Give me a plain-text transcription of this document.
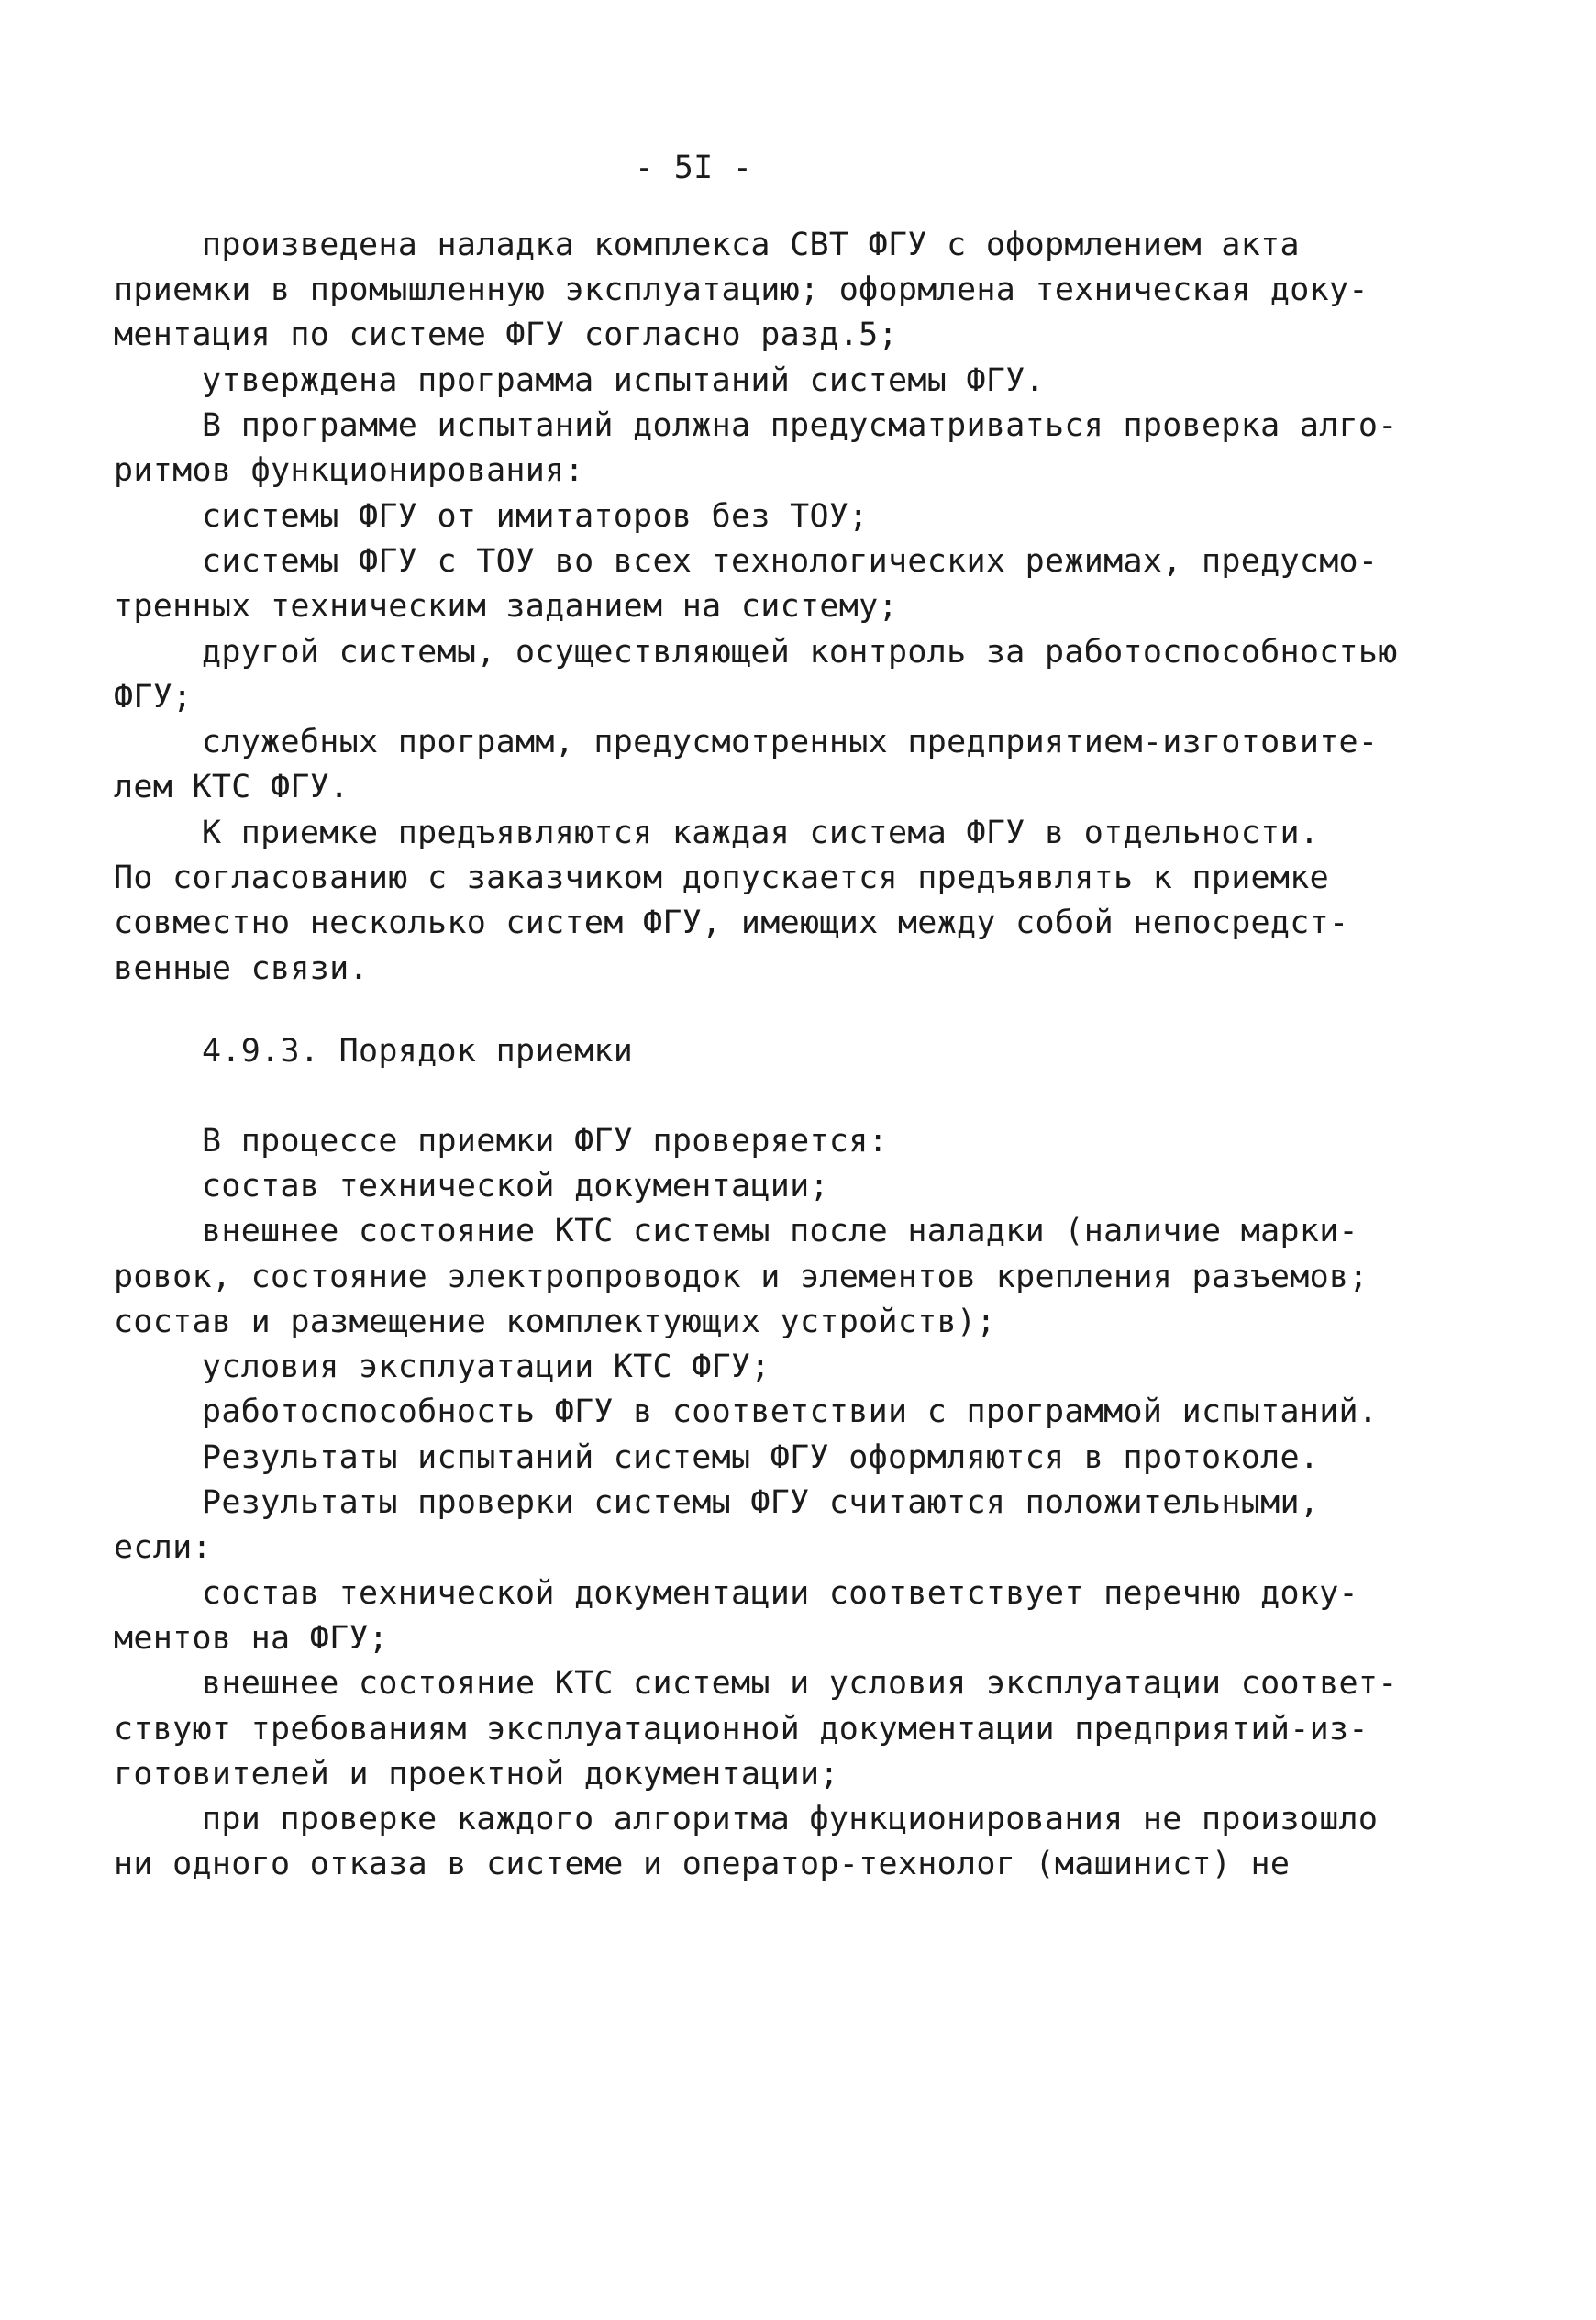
- 5I -
произведена наладка комплекса СВТ ФГУ с оформлением акта
приемки в промышленную эксплуатацию; оформлена техническая доку-
ментация по системе ФГУ согласно разд.5;
утверждена программа испытаний системы ФГУ.
В программе испытаний должна предусматриваться проверка алго-
ритмов функционирования:
системы ФГУ от имитаторов без ТОУ;
системы ФГУ с ТОУ во всех технологических режимах, предусмо-
тренных техническим заданием на систему;
другой системы, осуществляющей контроль за работоспособностью
ФГУ;
служебных программ, предусмотренных предприятием-изготовите-
лем КТС ФГУ.
К приемке предъявляются каждая система ФГУ в отдельности.
По согласованию с заказчиком допускается предъявлять к приемке
совместно несколько систем ФГУ, имеющих между собой непосредст-
венные связи.
4.9.3. Порядок приемки
В процессе приемки ФГУ проверяется:
состав технической документации;
внешнее состояние КТС системы после наладки (наличие марки-
ровок, состояние электропроводок и элементов крепления разъемов;
состав и размещение комплектующих устройств);
условия эксплуатации КТС ФГУ;
работоспособность ФГУ в соответствии с программой испытаний.
Результаты испытаний системы ФГУ оформляются в протоколе.
Результаты проверки системы ФГУ считаются положительными,
если:
состав технической документации соответствует перечню доку-
ментов на ФГУ;
внешнее состояние КТС системы и условия эксплуатации соответ-
ствуют требованиям эксплуатационной документации предприятий-из-
готовителей и проектной документации;
при проверке каждого алгоритма функционирования не произошло
ни одного отказа в системе и оператор-технолог (машинист) не
